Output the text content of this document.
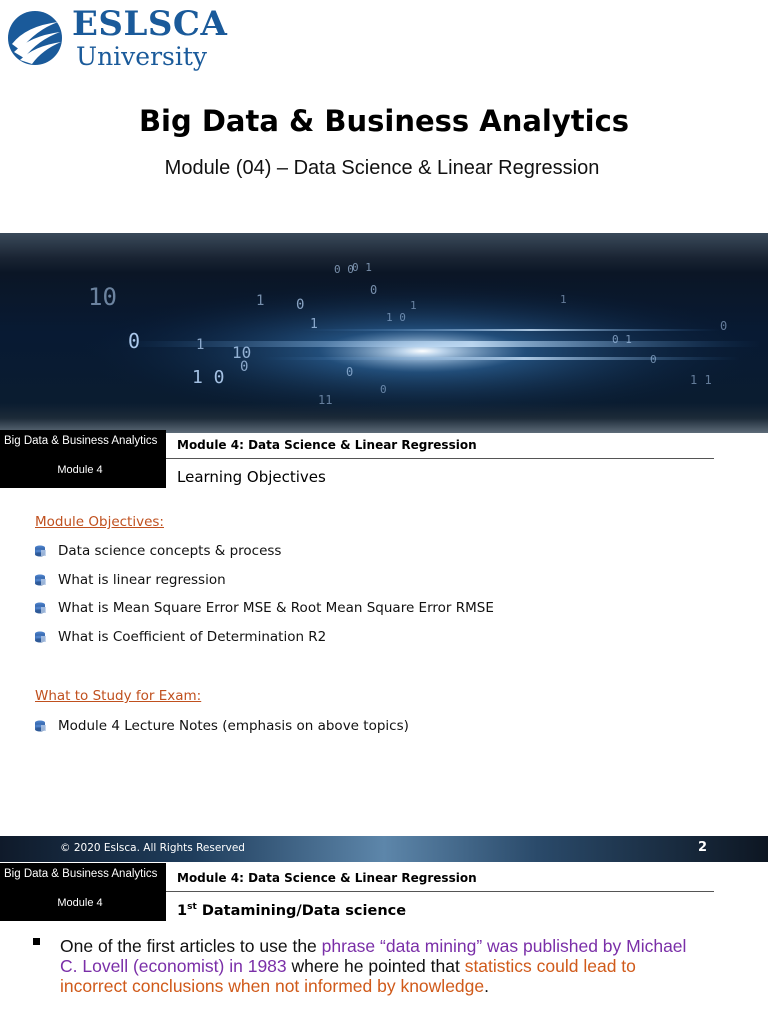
ESLSCA
University
Big Data & Business Analytics
Module (04) – Data Science & Linear Regression
10
0	1
1 0
10
0
1 0
1
0 0
0 1
0
1 0
0
1
11
0
0 1
0
1 1
1
0
Big Data & Business Analytics
Module 4
Module 4: Data Science & Linear Regression
Learning Objectives
Module Objectives:
Data science concepts & process
What is linear regression
What is Mean Square Error MSE & Root Mean Square Error RMSE
What is Coefficient of Determination R2
What to Study for Exam:
Module 4 Lecture Notes (emphasis on above topics)
© 2020 Eslsca. All Rights Reserved	2
Big Data & Business Analytics
Module 4
Module 4: Data Science & Linear Regression
1st Datamining/Data science
One of the first articles to use the phrase “data mining” was published by Michael C. Lovell (economist) in 1983 where he pointed that statistics could lead to incorrect conclusions when not informed by knowledge.
